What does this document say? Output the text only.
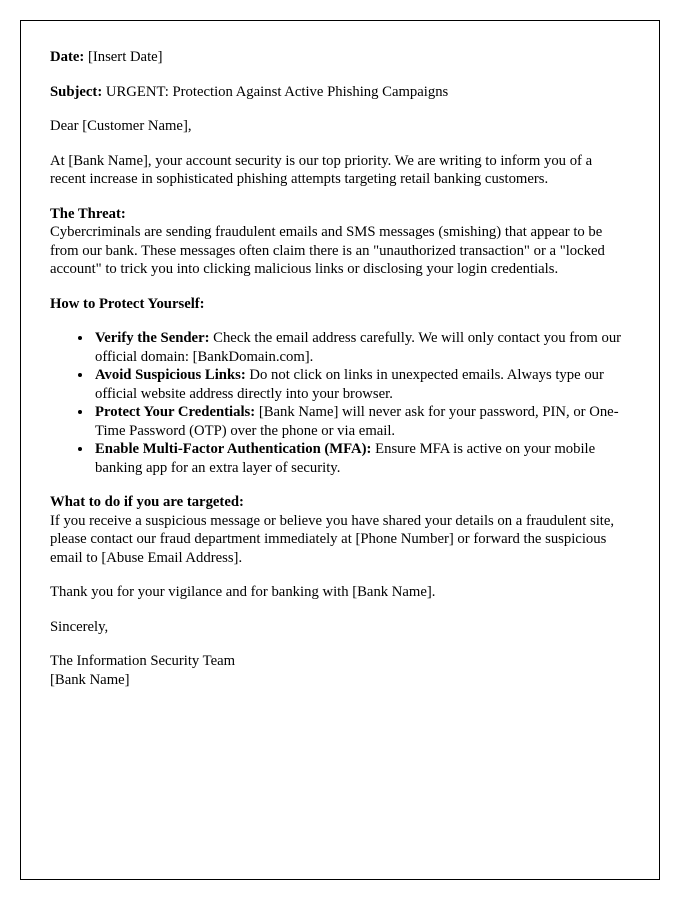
Date: [Insert Date]

Subject: URGENT: Protection Against Active Phishing Campaigns

Dear [Customer Name],

At [Bank Name], your account security is our top priority. We are writing to inform you of a recent increase in sophisticated phishing attempts targeting retail banking customers.

The Threat:
Cybercriminals are sending fraudulent emails and SMS messages (smishing) that appear to be from our bank. These messages often claim there is an "unauthorized transaction" or a "locked account" to trick you into clicking malicious links or disclosing your login credentials.

How to Protect Yourself:

• Verify the Sender: Check the email address carefully. We will only contact you from our official domain: [BankDomain.com].
• Avoid Suspicious Links: Do not click on links in unexpected emails. Always type our official website address directly into your browser.
• Protect Your Credentials: [Bank Name] will never ask for your password, PIN, or One-Time Password (OTP) over the phone or via email.
• Enable Multi-Factor Authentication (MFA): Ensure MFA is active on your mobile banking app for an extra layer of security.

What to do if you are targeted:
If you receive a suspicious message or believe you have shared your details on a fraudulent site, please contact our fraud department immediately at [Phone Number] or forward the suspicious email to [Abuse Email Address].

Thank you for your vigilance and for banking with [Bank Name].

Sincerely,

The Information Security Team
[Bank Name]
